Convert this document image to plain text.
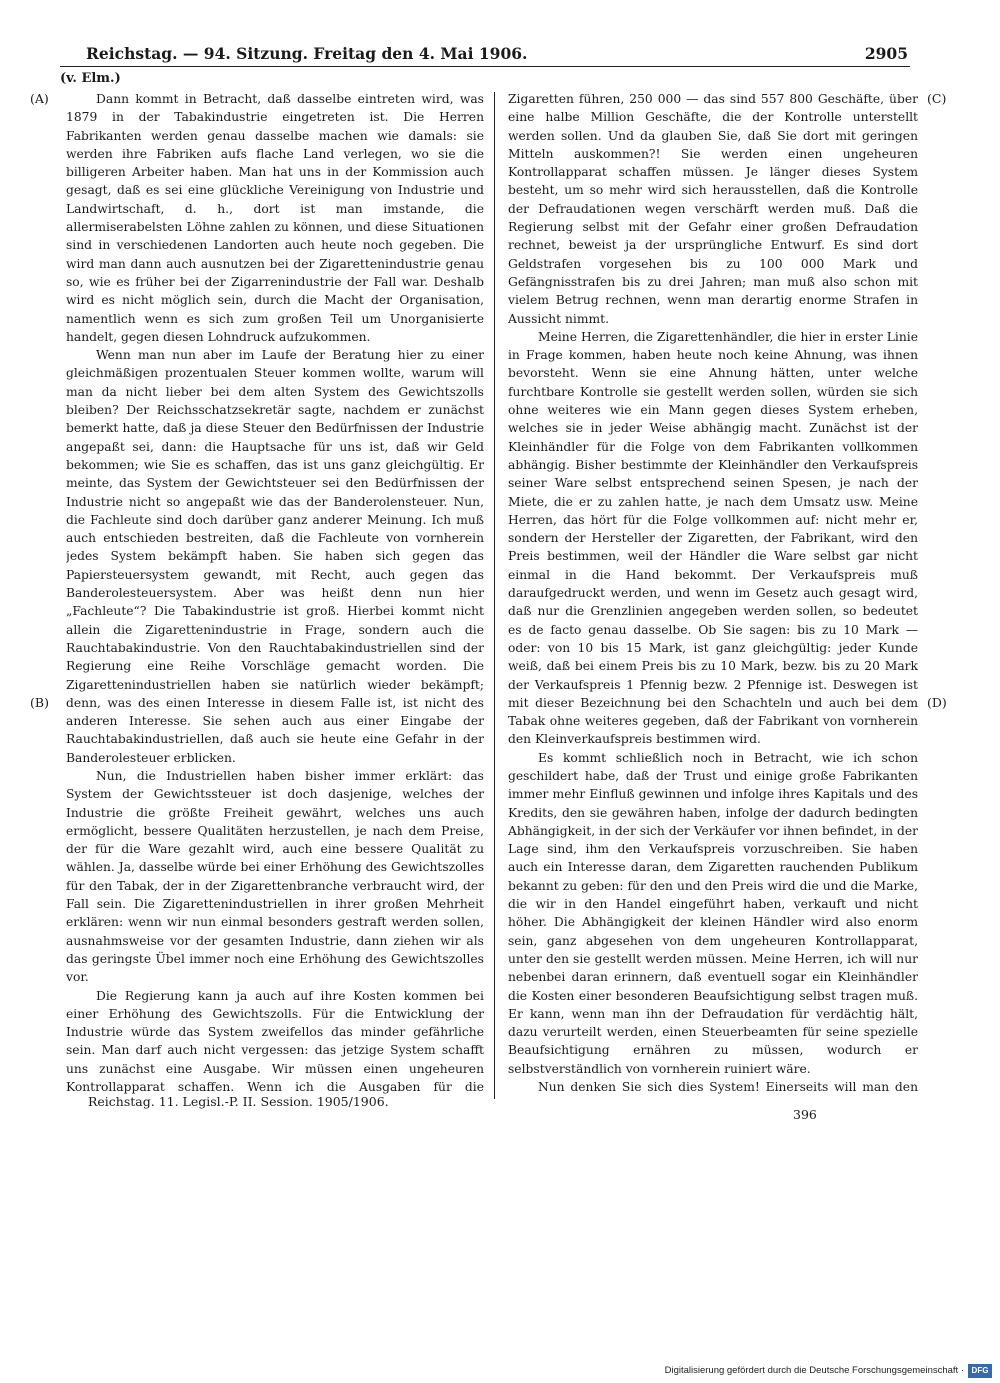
Reichstag. — 94. Sitzung. Freitag den 4. Mai 1906.	2905
(v. Elm.)
(A)
(B)
(C)
(D)

Dann kommt in Betracht, daß dasselbe eintreten wird, was 1879 in der Tabakindustrie eingetreten ist. Die Herren Fabrikanten werden genau dasselbe machen wie damals: sie werden ihre Fabriken aufs flache Land verlegen, wo sie die billigeren Arbeiter haben. Man hat uns in der Kommission auch gesagt, daß es sei eine glückliche Vereinigung von Industrie und Landwirtschaft, d. h., dort ist man imstande, die allermiserabelsten Löhne zahlen zu können, und diese Situationen sind in verschiedenen Landorten auch heute noch gegeben. Die wird man dann auch ausnutzen bei der Zigarettenindustrie genau so, wie es früher bei der Zigarrenindustrie der Fall war. Deshalb wird es nicht möglich sein, durch die Macht der Organisation, namentlich wenn es sich zum großen Teil um Unorganisierte handelt, gegen diesen Lohndruck aufzukommen.

Wenn man nun aber im Laufe der Beratung hier zu einer gleichmäßigen prozentualen Steuer kommen wollte, warum will man da nicht lieber bei dem alten System des Gewichtszolls bleiben? Der Reichsschatzsekretär sagte, nachdem er zunächst bemerkt hatte, daß ja diese Steuer den Bedürfnissen der Industrie angepaßt sei, dann: die Hauptsache für uns ist, daß wir Geld bekommen; wie Sie es schaffen, das ist uns ganz gleichgültig. Er meinte, das System der Gewichtsteuer sei den Bedürfnissen der Industrie nicht so angepaßt wie das der Banderolensteuer. Nun, die Fachleute sind doch darüber ganz anderer Meinung. Ich muß auch entschieden bestreiten, daß die Fachleute von vornherein jedes System bekämpft haben. Sie haben sich gegen das Papiersteuersystem gewandt, mit Recht, auch gegen das Banderolesteuersystem. Aber was heißt denn nun hier „Fachleute“? Die Tabakindustrie ist groß. Hierbei kommt nicht allein die Zigarettenindustrie in Frage, sondern auch die Rauchtabakindustrie. Von den Rauchtabakindustriellen sind der Regierung eine Reihe Vorschläge gemacht worden. Die Zigarettenindustriellen haben sie natürlich wieder bekämpft; denn, was des einen Interesse in diesem Falle ist, ist nicht des anderen Interesse. Sie sehen auch aus einer Eingabe der Rauchtabakindustriellen, daß auch sie heute eine Gefahr in der Banderolesteuer erblicken.

Nun, die Industriellen haben bisher immer erklärt: das System der Gewichtssteuer ist doch dasjenige, welches der Industrie die größte Freiheit gewährt, welches uns auch ermöglicht, bessere Qualitäten herzustellen, je nach dem Preise, der für die Ware gezahlt wird, auch eine bessere Qualität zu wählen. Ja, dasselbe würde bei einer Erhöhung des Gewichtszolles für den Tabak, der in der Zigarettenbranche verbraucht wird, der Fall sein. Die Zigarettenindustriellen in ihrer großen Mehrheit erklären: wenn wir nun einmal besonders gestraft werden sollen, ausnahmsweise vor der gesamten Industrie, dann ziehen wir als das geringste Übel immer noch eine Erhöhung des Gewichtszolles vor.

Die Regierung kann ja auch auf ihre Kosten kommen bei einer Erhöhung des Gewichtszolls. Für die Entwicklung der Industrie würde das System zweifellos das minder gefährliche sein. Man darf auch nicht vergessen: das jetzige System schafft uns zunächst eine Ausgabe. Wir müssen einen ungeheuren Kontrollapparat schaffen. Wenn ich die Ausgaben für die

Zigaretten führen, 250 000 — das sind 557 800 Geschäfte, über eine halbe Million Geschäfte, die der Kontrolle unterstellt werden sollen. Und da glauben Sie, daß Sie dort mit geringen Mitteln auskommen?! Sie werden einen ungeheuren Kontrollapparat schaffen müssen. Je länger dieses System besteht, um so mehr wird sich herausstellen, daß die Kontrolle der Defraudationen wegen verschärft werden muß. Daß die Regierung selbst mit der Gefahr einer großen Defraudation rechnet, beweist ja der ursprüngliche Entwurf. Es sind dort Geldstrafen vorgesehen bis zu 100 000 Mark und Gefängnisstrafen bis zu drei Jahren; man muß also schon mit vielem Betrug rechnen, wenn man derartig enorme Strafen in Aussicht nimmt.

Meine Herren, die Zigarettenhändler, die hier in erster Linie in Frage kommen, haben heute noch keine Ahnung, was ihnen bevorsteht. Wenn sie eine Ahnung hätten, unter welche furchtbare Kontrolle sie gestellt werden sollen, würden sie sich ohne weiteres wie ein Mann gegen dieses System erheben, welches sie in jeder Weise abhängig macht. Zunächst ist der Kleinhändler für die Folge von dem Fabrikanten vollkommen abhängig. Bisher bestimmte der Kleinhändler den Verkaufspreis seiner Ware selbst entsprechend seinen Spesen, je nach der Miete, die er zu zahlen hatte, je nach dem Umsatz usw. Meine Herren, das hört für die Folge vollkommen auf: nicht mehr er, sondern der Hersteller der Zigaretten, der Fabrikant, wird den Preis bestimmen, weil der Händler die Ware selbst gar nicht einmal in die Hand bekommt. Der Verkaufspreis muß daraufgedruckt werden, und wenn im Gesetz auch gesagt wird, daß nur die Grenzlinien angegeben werden sollen, so bedeutet es de facto genau dasselbe. Ob Sie sagen: bis zu 10 Mark — oder: von 10 bis 15 Mark, ist ganz gleichgültig: jeder Kunde weiß, daß bei einem Preis bis zu 10 Mark, bezw. bis zu 20 Mark der Verkaufspreis 1 Pfennig bezw. 2 Pfennige ist. Deswegen ist mit dieser Bezeichnung bei den Schachteln und auch bei dem Tabak ohne weiteres gegeben, daß der Fabrikant von vornherein den Kleinverkaufspreis bestimmen wird.

Es kommt schließlich noch in Betracht, wie ich schon geschildert habe, daß der Trust und einige große Fabrikanten immer mehr Einfluß gewinnen und infolge ihres Kapitals und des Kredits, den sie gewähren haben, infolge der dadurch bedingten Abhängigkeit, in der sich der Verkäufer vor ihnen befindet, in der Lage sind, ihm den Verkaufspreis vorzuschreiben. Sie haben auch ein Interesse daran, dem Zigaretten rauchenden Publikum bekannt zu geben: für den und den Preis wird die und die Marke, die wir in den Handel eingeführt haben, verkauft und nicht höher. Die Abhängigkeit der kleinen Händler wird also enorm sein, ganz abgesehen von dem ungeheuren Kontrollapparat, unter den sie gestellt werden müssen. Meine Herren, ich will nur nebenbei daran erinnern, daß eventuell sogar ein Kleinhändler die Kosten einer besonderen Beaufsichtigung selbst tragen muß. Er kann, wenn man ihn der Defraudation für verdächtig hält, dazu verurteilt werden, einen Steuerbeamten für seine spezielle Beaufsichtigung ernähren zu müssen, wodurch er selbstverständlich von vornherein ruiniert wäre.

Nun denken Sie sich dies System! Einerseits will man den

Reichstag. 11. Legisl.-P. II. Session. 1905/1906.
396
Digitalisierung gefördert durch die Deutsche Forschungsgemeinschaft · DFG
